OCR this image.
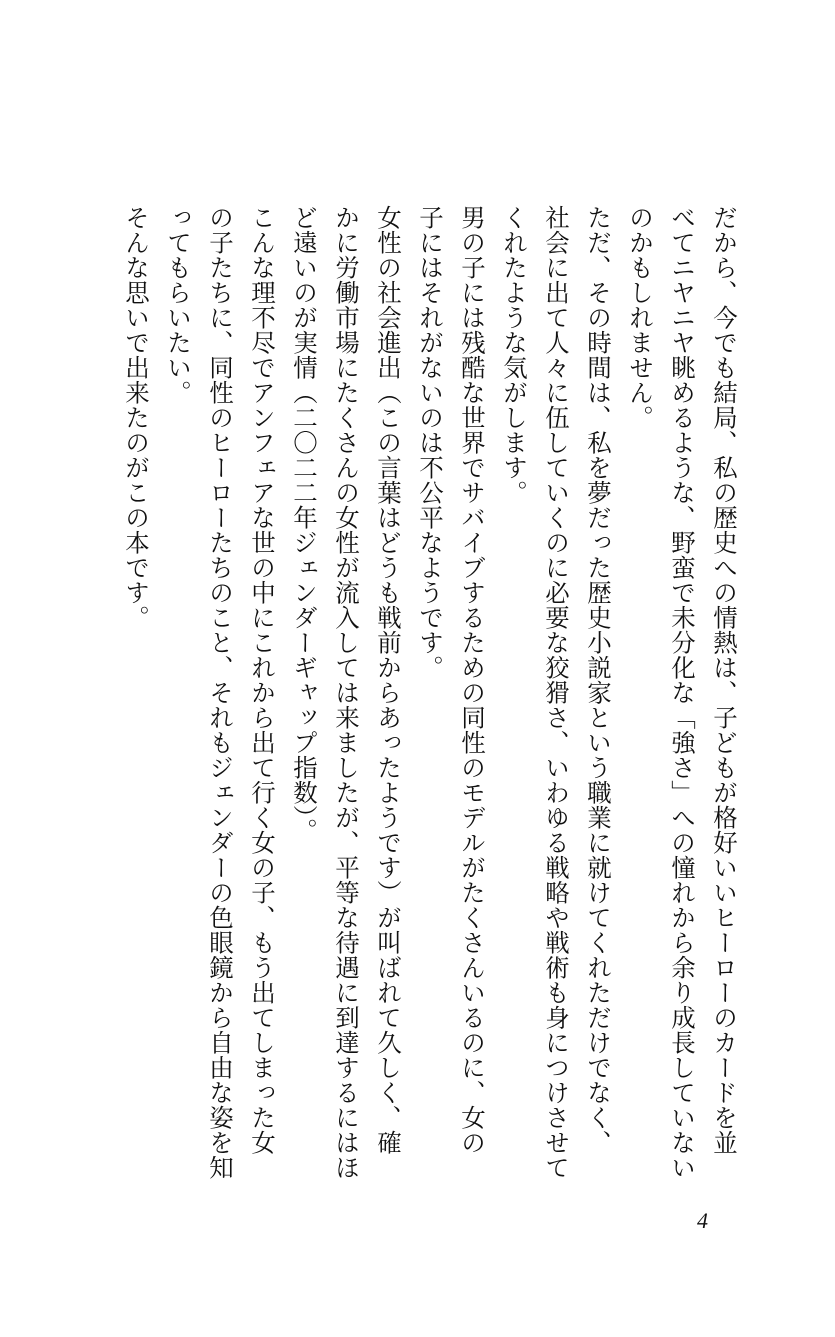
だから、今でも結局、私の歴史への情熱は、子どもが格好いいヒーローのカードを並

べてニヤニヤ眺めるような、野蛮で未分化な「強さ」への憧れから余り成長していない

のかもしれません。

ただ、その時間は、私を夢だった歴史小説家という職業に就けてくれただけでなく、

社会に出て人々に伍していくのに必要な狡猾さ、いわゆる戦略や戦術も身につけさせて

くれたような気がします。

男の子には残酷な世界でサバイブするための同性のモデルがたくさんいるのに、女の

子にはそれがないのは不公平なようです。

女性の社会進出（この言葉はどうも戦前からあったようです）が叫ばれて久しく、確

かに労働市場にたくさんの女性が流入しては来ましたが、平等な待遇に到達するにはほ

ど遠いのが実情（二〇二二年ジェンダーギャップ指数）。

こんな理不尽でアンフェアな世の中にこれから出て行く女の子、もう出てしまった女

の子たちに、同性のヒーローたちのこと、それもジェンダーの色眼鏡から自由な姿を知

ってもらいたい。

そんな思いで出来たのがこの本です。

4
